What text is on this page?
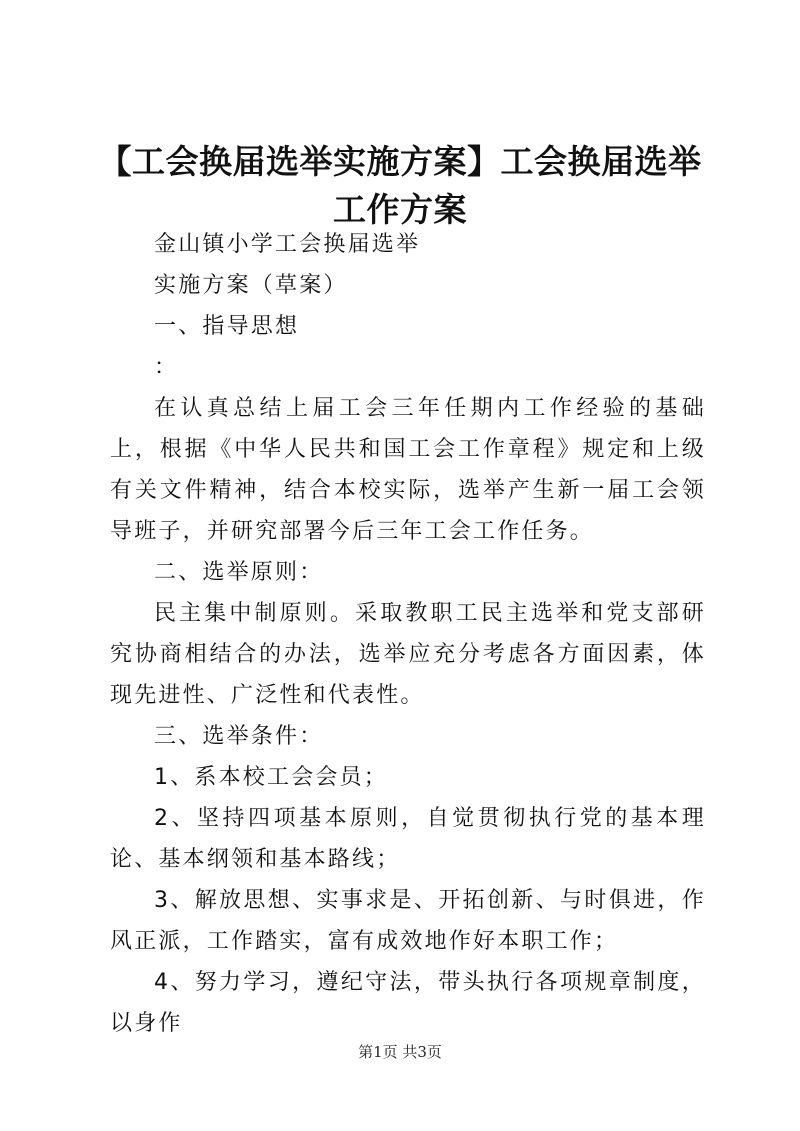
【工会换届选举实施方案】工会换届选举工作方案

金山镇小学工会换届选举

实施方案（草案）

一、指导思想

：

在认真总结上届工会三年任期内工作经验的基础上，根据《中华人民共和国工会工作章程》规定和上级有关文件精神，结合本校实际，选举产生新一届工会领导班子，并研究部署今后三年工会工作任务。

二、选举原则：

民主集中制原则。采取教职工民主选举和党支部研究协商相结合的办法，选举应充分考虑各方面因素，体现先进性、广泛性和代表性。

三、选举条件：

1、系本校工会会员；

2、坚持四项基本原则，自觉贯彻执行党的基本理论、基本纲领和基本路线；

3、解放思想、实事求是、开拓创新、与时俱进，作风正派，工作踏实，富有成效地作好本职工作；

4、努力学习，遵纪守法，带头执行各项规章制度，以身作

第1页 共3页
